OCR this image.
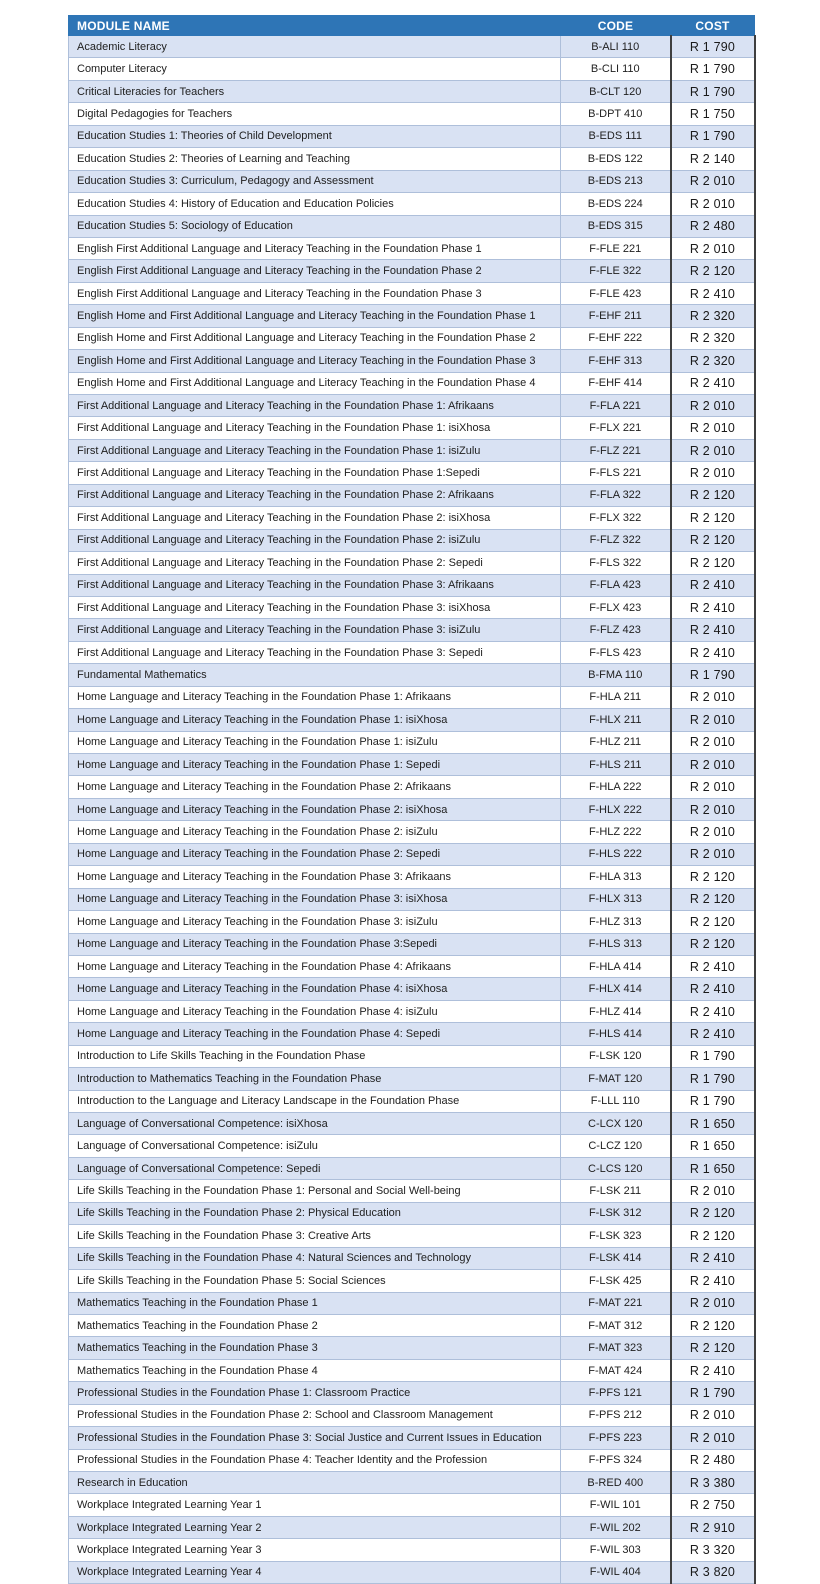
MODULE NAME	CODE	COST
Academic Literacy	B-ALI 110	R 1 790
Computer Literacy	B-CLI 110	R 1 790
Critical Literacies for Teachers	B-CLT 120	R 1 790
Digital Pedagogies for Teachers	B-DPT 410	R 1 750
Education Studies 1: Theories of Child Development	B-EDS 111	R 1 790
Education Studies 2: Theories of Learning and Teaching	B-EDS 122	R 2 140
Education Studies 3: Curriculum, Pedagogy and Assessment	B-EDS 213	R 2 010
Education Studies 4: History of Education and Education Policies	B-EDS 224	R 2 010
Education Studies 5: Sociology of Education	B-EDS 315	R 2 480
English First Additional Language and Literacy Teaching in the Foundation Phase 1	F-FLE 221	R 2 010
English First Additional Language and Literacy Teaching in the Foundation Phase 2	F-FLE 322	R 2 120
English First Additional Language and Literacy Teaching in the Foundation Phase 3	F-FLE 423	R 2 410
English Home and First Additional Language and Literacy Teaching in the Foundation Phase 1	F-EHF 211	R 2 320
English Home and First Additional Language and Literacy Teaching in the Foundation Phase 2	F-EHF 222	R 2 320
English Home and First Additional Language and Literacy Teaching in the Foundation Phase 3	F-EHF 313	R 2 320
English Home and First Additional Language and Literacy Teaching in the Foundation Phase 4	F-EHF 414	R 2 410
First Additional Language and Literacy Teaching in the Foundation Phase 1: Afrikaans	F-FLA 221	R 2 010
First Additional Language and Literacy Teaching in the Foundation Phase 1: isiXhosa	F-FLX 221	R 2 010
First Additional Language and Literacy Teaching in the Foundation Phase 1: isiZulu	F-FLZ 221	R 2 010
First Additional Language and Literacy Teaching in the Foundation Phase 1:Sepedi	F-FLS 221	R 2 010
First Additional Language and Literacy Teaching in the Foundation Phase 2: Afrikaans	F-FLA 322	R 2 120
First Additional Language and Literacy Teaching in the Foundation Phase 2: isiXhosa	F-FLX 322	R 2 120
First Additional Language and Literacy Teaching in the Foundation Phase 2: isiZulu	F-FLZ 322	R 2 120
First Additional Language and Literacy Teaching in the Foundation Phase 2: Sepedi	F-FLS 322	R 2 120
First Additional Language and Literacy Teaching in the Foundation Phase 3: Afrikaans	F-FLA 423	R 2 410
First Additional Language and Literacy Teaching in the Foundation Phase 3: isiXhosa	F-FLX 423	R 2 410
First Additional Language and Literacy Teaching in the Foundation Phase 3: isiZulu	F-FLZ 423	R 2 410
First Additional Language and Literacy Teaching in the Foundation Phase 3: Sepedi	F-FLS 423	R 2 410
Fundamental Mathematics	B-FMA 110	R 1 790
Home Language and Literacy Teaching in the Foundation Phase 1: Afrikaans	F-HLA 211	R 2 010
Home Language and Literacy Teaching in the Foundation Phase 1: isiXhosa	F-HLX 211	R 2 010
Home Language and Literacy Teaching in the Foundation Phase 1: isiZulu	F-HLZ 211	R 2 010
Home Language and Literacy Teaching in the Foundation Phase 1: Sepedi	F-HLS 211	R 2 010
Home Language and Literacy Teaching in the Foundation Phase 2: Afrikaans	F-HLA 222	R 2 010
Home Language and Literacy Teaching in the Foundation Phase 2: isiXhosa	F-HLX 222	R 2 010
Home Language and Literacy Teaching in the Foundation Phase 2: isiZulu	F-HLZ 222	R 2 010
Home Language and Literacy Teaching in the Foundation Phase 2: Sepedi	F-HLS 222	R 2 010
Home Language and Literacy Teaching in the Foundation Phase 3: Afrikaans	F-HLA 313	R 2 120
Home Language and Literacy Teaching in the Foundation Phase 3: isiXhosa	F-HLX 313	R 2 120
Home Language and Literacy Teaching in the Foundation Phase 3: isiZulu	F-HLZ 313	R 2 120
Home Language and Literacy Teaching in the Foundation Phase 3:Sepedi	F-HLS 313	R 2 120
Home Language and Literacy Teaching in the Foundation Phase 4: Afrikaans	F-HLA 414	R 2 410
Home Language and Literacy Teaching in the Foundation Phase 4: isiXhosa	F-HLX 414	R 2 410
Home Language and Literacy Teaching in the Foundation Phase 4: isiZulu	F-HLZ 414	R 2 410
Home Language and Literacy Teaching in the Foundation Phase 4: Sepedi	F-HLS 414	R 2 410
Introduction to Life Skills Teaching in the Foundation Phase	F-LSK 120	R 1 790
Introduction to Mathematics Teaching in the Foundation Phase	F-MAT 120	R 1 790
Introduction to the Language and Literacy Landscape in the Foundation Phase	F-LLL 110	R 1 790
Language of Conversational Competence: isiXhosa	C-LCX 120	R 1 650
Language of Conversational Competence: isiZulu	C-LCZ 120	R 1 650
Language of Conversational Competence: Sepedi	C-LCS 120	R 1 650
Life Skills Teaching in the Foundation Phase 1: Personal and Social Well-being	F-LSK 211	R 2 010
Life Skills Teaching in the Foundation Phase 2: Physical Education	F-LSK 312	R 2 120
Life Skills Teaching in the Foundation Phase 3: Creative Arts	F-LSK 323	R 2 120
Life Skills Teaching in the Foundation Phase 4: Natural Sciences and Technology	F-LSK 414	R 2 410
Life Skills Teaching in the Foundation Phase 5: Social Sciences	F-LSK 425	R 2 410
Mathematics Teaching in the Foundation Phase 1	F-MAT 221	R 2 010
Mathematics Teaching in the Foundation Phase 2	F-MAT 312	R 2 120
Mathematics Teaching in the Foundation Phase 3	F-MAT 323	R 2 120
Mathematics Teaching in the Foundation Phase 4	F-MAT 424	R 2 410
Professional Studies in the Foundation Phase 1: Classroom Practice	F-PFS 121	R 1 790
Professional Studies in the Foundation Phase 2: School and Classroom Management	F-PFS 212	R 2 010
Professional Studies in the Foundation Phase 3: Social Justice and Current Issues in Education	F-PFS 223	R 2 010
Professional Studies in the Foundation Phase 4: Teacher Identity and the Profession	F-PFS 324	R 2 480
Research in Education	B-RED 400	R 3 380
Workplace Integrated Learning Year 1	F-WIL 101	R 2 750
Workplace Integrated Learning Year 2	F-WIL 202	R 2 910
Workplace Integrated Learning Year 3	F-WIL 303	R 3 320
Workplace Integrated Learning Year 4	F-WIL 404	R 3 820
